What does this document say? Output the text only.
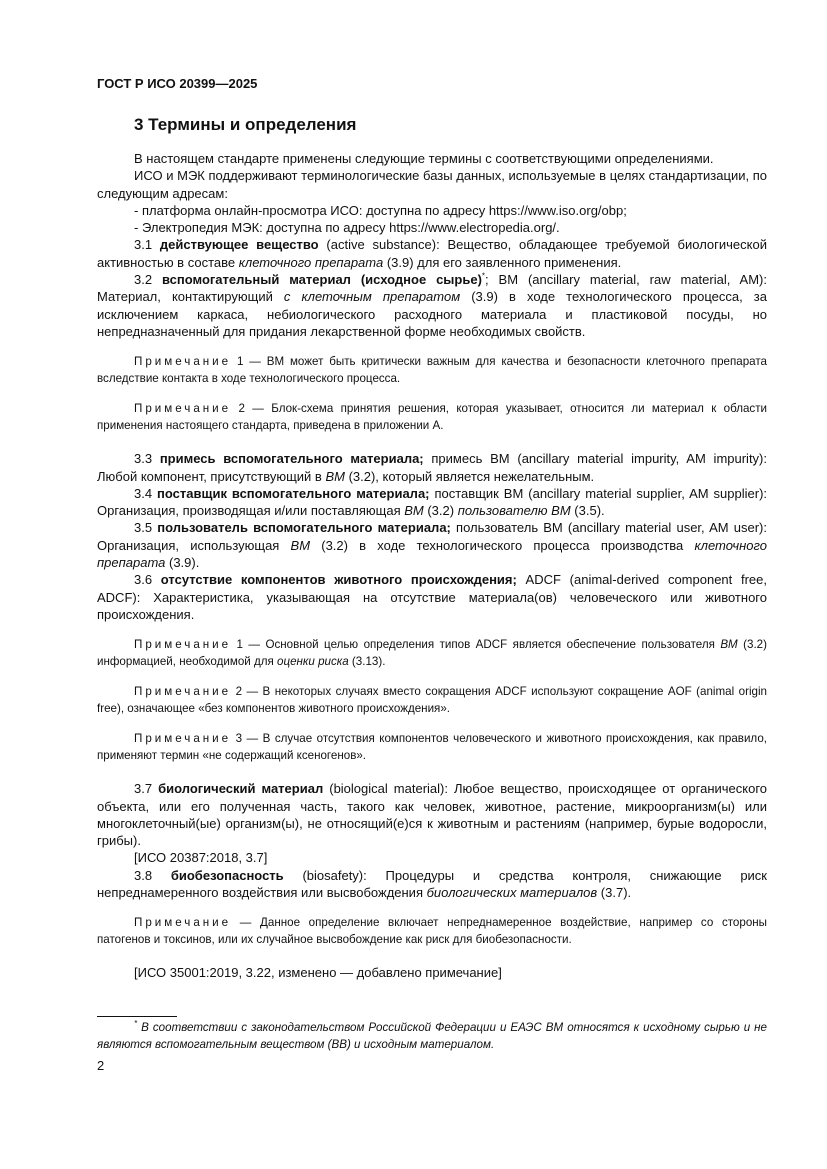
ГОСТ Р ИСО 20399—2025
3 Термины и определения

В настоящем стандарте применены следующие термины с соответствующими определениями.

ИСО и МЭК поддерживают терминологические базы данных, используемые в целях стандартизации, по следующим адресам:

- платформа онлайн-просмотра ИСО: доступна по адресу https://www.iso.org/obp;

- Электропедия МЭК: доступна по адресу https://www.electropedia.org/.

3.1 действующее вещество (active substance): Вещество, обладающее требуемой биологической активностью в составе клеточного препарата (3.9) для его заявленного применения.

3.2 вспомогательный материал (исходное сырье)*; ВМ (ancillary material, raw material, AM): Материал, контактирующий с клеточным препаратом (3.9) в ходе технологического процесса, за исключением каркаса, небиологического расходного материала и пластиковой посуды, но непредназначенный для придания лекарственной форме необходимых свойств.

Примечание 1 — ВМ может быть критически важным для качества и безопасности клеточного препарата вследствие контакта в ходе технологического процесса.

Примечание 2 — Блок-схема принятия решения, которая указывает, относится ли материал к области применения настоящего стандарта, приведена в приложении А.

3.3 примесь вспомогательного материала; примесь ВМ (ancillary material impurity, AM impurity): Любой компонент, присутствующий в ВМ (3.2), который является нежелательным.

3.4 поставщик вспомогательного материала; поставщик ВМ (ancillary material supplier, AM supplier): Организация, производящая и/или поставляющая ВМ (3.2) пользователю ВМ (3.5).

3.5 пользователь вспомогательного материала; пользователь ВМ (ancillary material user, AM user): Организация, использующая ВМ (3.2) в ходе технологического процесса производства клеточного препарата (3.9).

3.6 отсутствие компонентов животного происхождения; ADCF (animal-derived component free, ADCF): Характеристика, указывающая на отсутствие материала(ов) человеческого или животного происхождения.

Примечание 1 — Основной целью определения типов ADCF является обеспечение пользователя ВМ (3.2) информацией, необходимой для оценки риска (3.13).

Примечание 2 — В некоторых случаях вместо сокращения ADCF используют сокращение AOF (animal origin free), означающее «без компонентов животного происхождения».

Примечание 3 — В случае отсутствия компонентов человеческого и животного происхождения, как правило, применяют термин «не содержащий ксеногенов».

3.7 биологический материал (biological material): Любое вещество, происходящее от органического объекта, или его полученная часть, такого как человек, животное, растение, микроорганизм(ы) или многоклеточный(ые) организм(ы), не относящий(е)ся к животным и растениям (например, бурые водоросли, грибы).

[ИСО 20387:2018, 3.7]

3.8 биобезопасность (biosafety): Процедуры и средства контроля, снижающие риск непреднамеренного воздействия или высвобождения биологических материалов (3.7).

Примечание — Данное определение включает непреднамеренное воздействие, например со стороны патогенов и токсинов, или их случайное высвобождение как риск для биобезопасности.

[ИСО 35001:2019, 3.22, изменено — добавлено примечание]

* В соответствии с законодательством Российской Федерации и ЕАЭС ВМ относятся к исходному сырью и не являются вспомогательным веществом (ВВ) и исходным материалом.
2
